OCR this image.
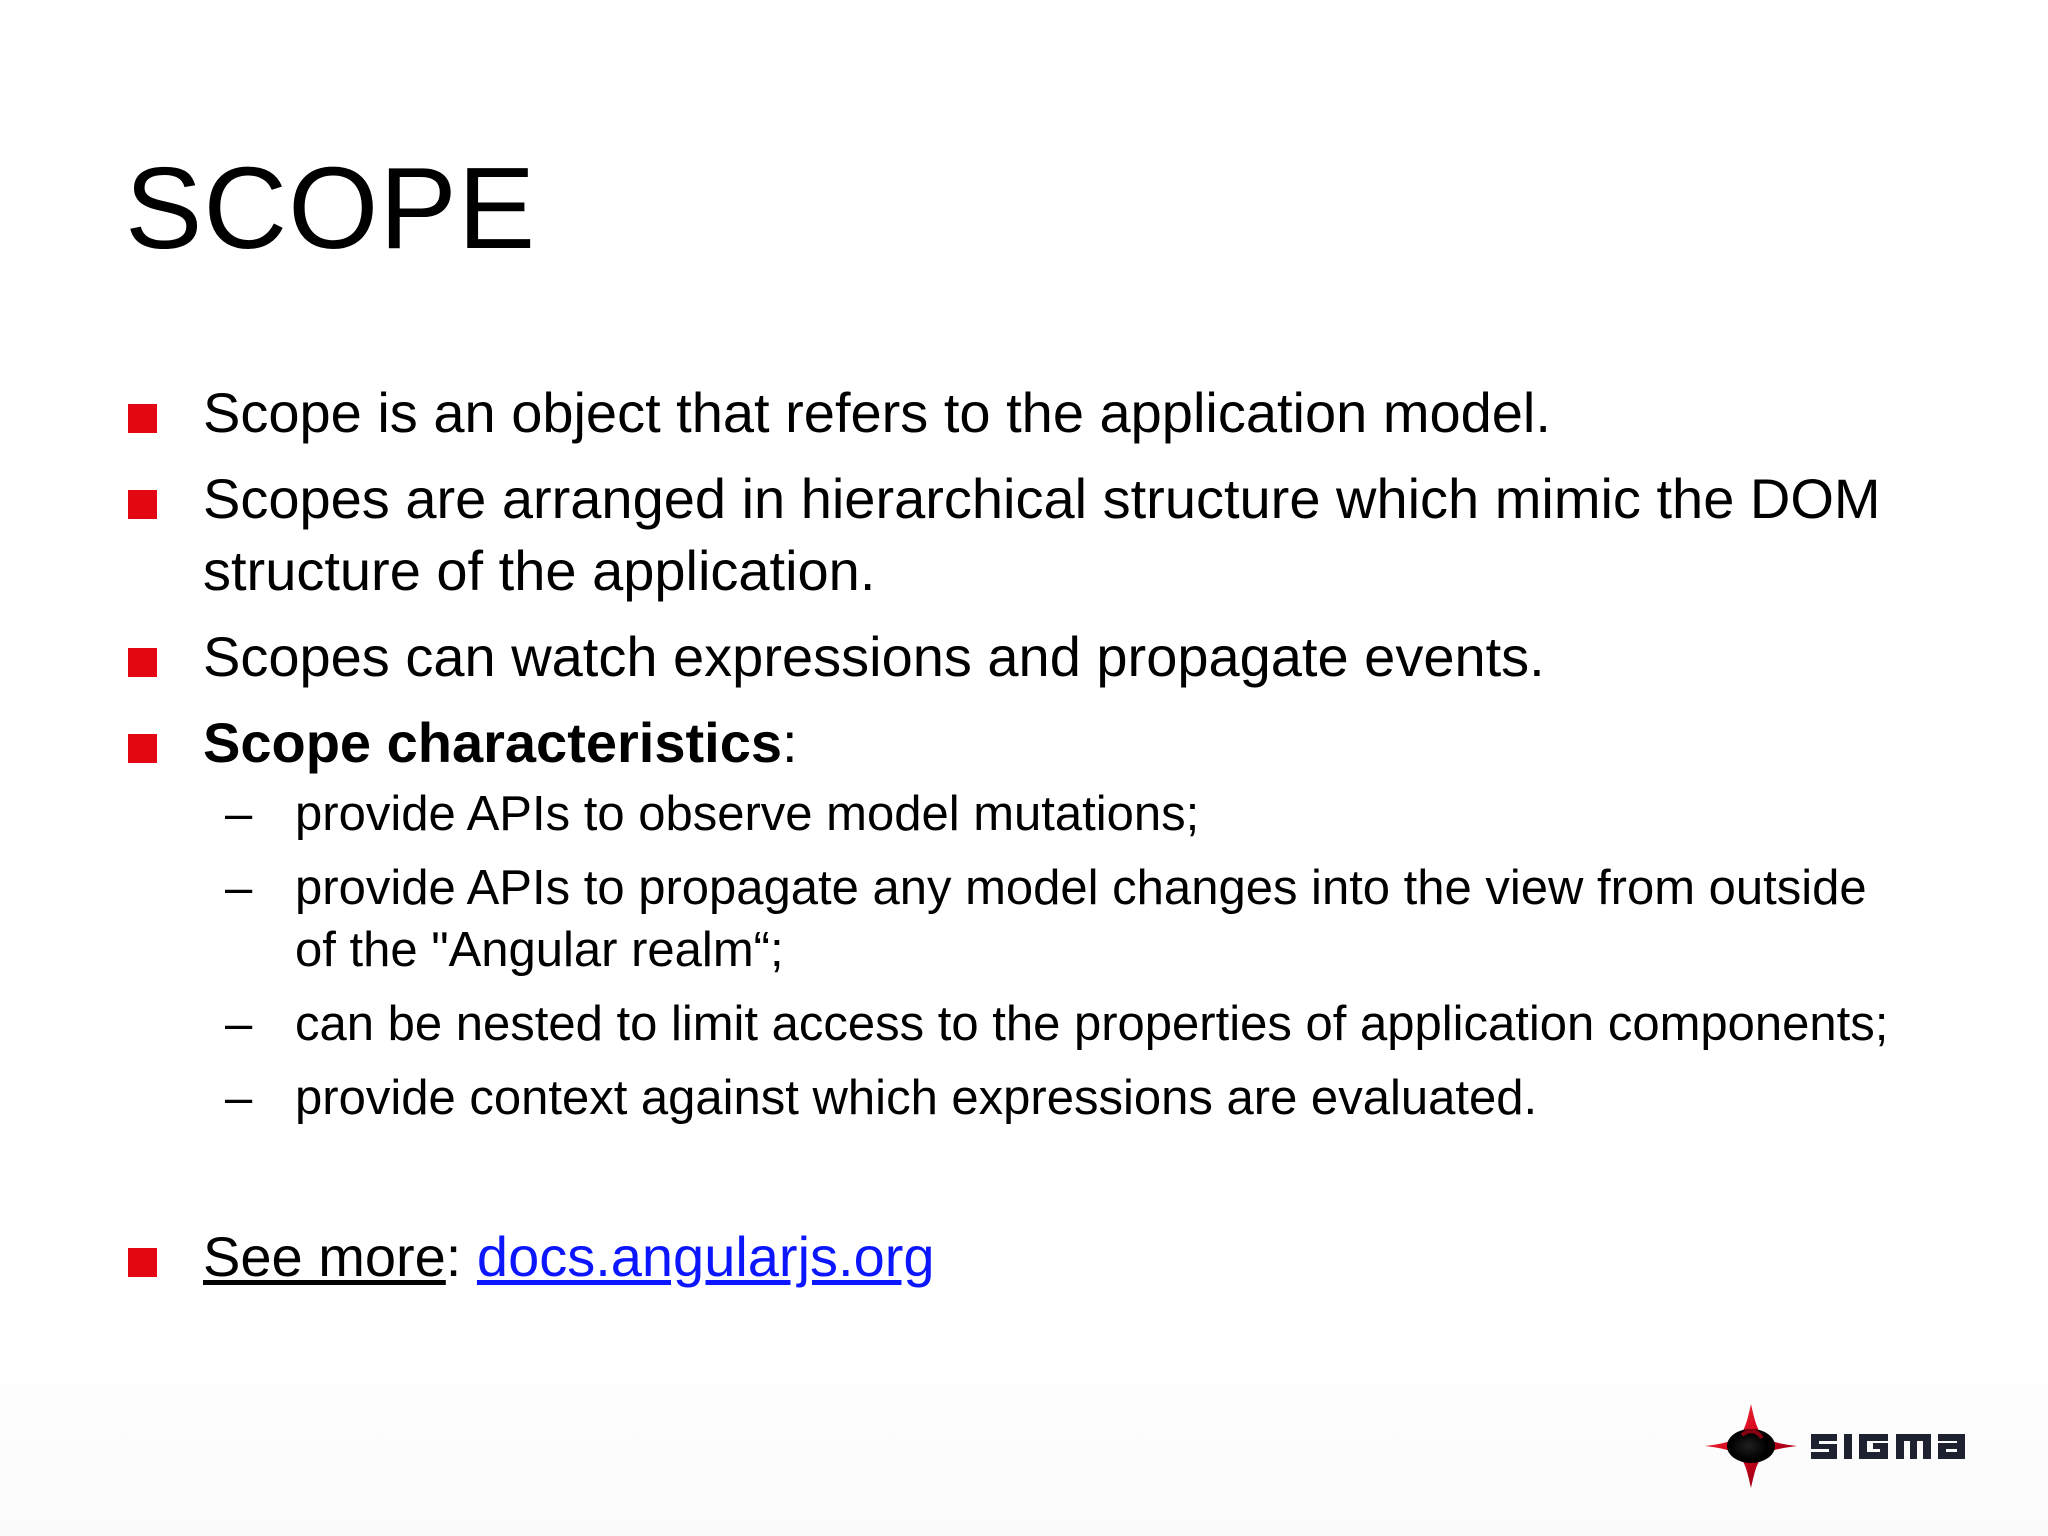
SCOPE
Scope is an object that refers to the application model.
Scopes are arranged in hierarchical structure which mimic the DOM structure of the application.
Scopes can watch expressions and propagate events.
Scope characteristics:
– provide APIs to observe model mutations;
– provide APIs to propagate any model changes into the view from outside of the "Angular realm“;
– can be nested to limit access to the properties of application components;
– provide context against which expressions are evaluated.
See more: docs.angularjs.org
